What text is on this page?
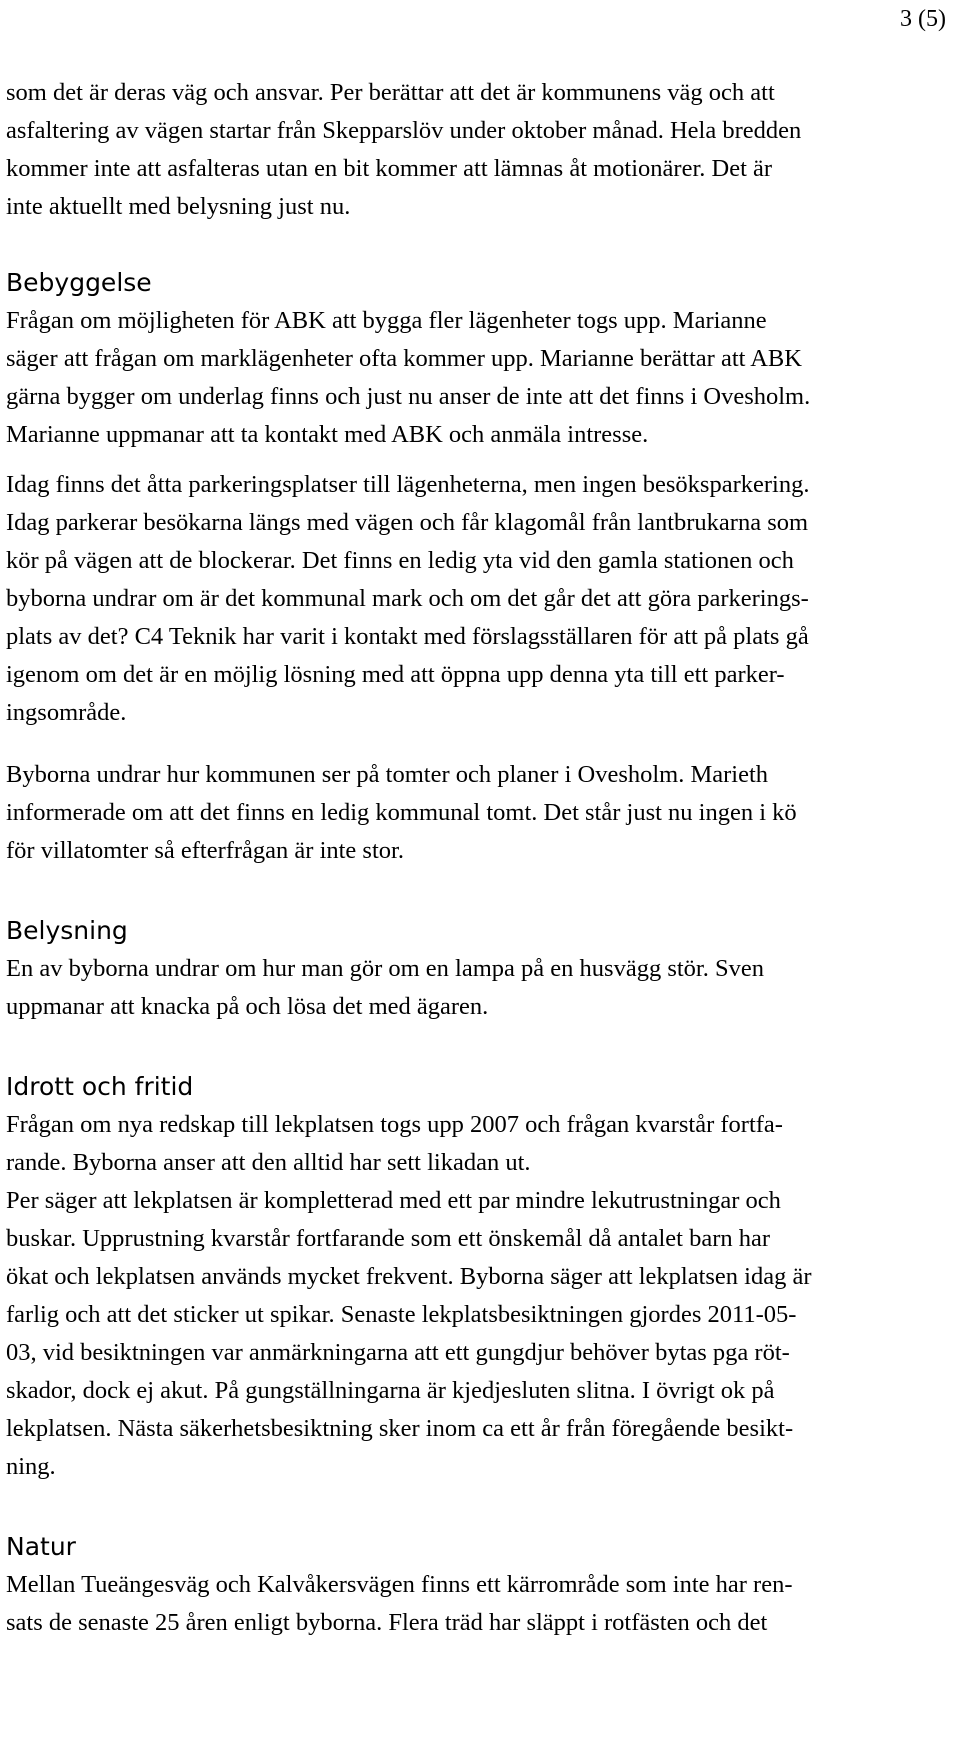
3 (5)
som det är deras väg och ansvar. Per berättar att det är kommunens väg och att
asfaltering av vägen startar från Skepparslöv under oktober månad. Hela bredden
kommer inte att asfalteras utan en bit kommer att lämnas åt motionärer. Det är
inte aktuellt med belysning just nu.
Bebyggelse
Frågan om möjligheten för ABK att bygga fler lägenheter togs upp. Marianne
säger att frågan om marklägenheter ofta kommer upp. Marianne berättar att ABK
gärna bygger om underlag finns och just nu anser de inte att det finns i Ovesholm.
Marianne uppmanar att ta kontakt med ABK och anmäla intresse.
Idag finns det åtta parkeringsplatser till lägenheterna, men ingen besöksparkering.
Idag parkerar besökarna längs med vägen och får klagomål från lantbrukarna som
kör på vägen att de blockerar. Det finns en ledig yta vid den gamla stationen och
byborna undrar om är det kommunal mark och om det går det att göra parkerings-
plats av det? C4 Teknik har varit i kontakt med förslagsställaren för att på plats gå
igenom om det är en möjlig lösning med att öppna upp denna yta till ett parker-
ingsområde.
Byborna undrar hur kommunen ser på tomter och planer i Ovesholm. Marieth
informerade om att det finns en ledig kommunal tomt. Det står just nu ingen i kö
för villatomter så efterfrågan är inte stor.
Belysning
En av byborna undrar om hur man gör om en lampa på en husvägg stör. Sven
uppmanar att knacka på och lösa det med ägaren.
Idrott och fritid
Frågan om nya redskap till lekplatsen togs upp 2007 och frågan kvarstår fortfa-
rande. Byborna anser att den alltid har sett likadan ut.
Per säger att lekplatsen är kompletterad med ett par mindre lekutrustningar och
buskar. Upprustning kvarstår fortfarande som ett önskemål då antalet barn har
ökat och lekplatsen används mycket frekvent. Byborna säger att lekplatsen idag är
farlig och att det sticker ut spikar. Senaste lekplatsbesiktningen gjordes 2011-05-
03, vid besiktningen var anmärkningarna att ett gungdjur behöver bytas pga röt-
skador, dock ej akut. På gungställningarna är kjedjesluten slitna. I övrigt ok på
lekplatsen. Nästa säkerhetsbesiktning sker inom ca ett år från föregående besikt-
ning.
Natur
Mellan Tueängesväg och Kalvåkersvägen finns ett kärrområde som inte har ren-
sats de senaste 25 åren enligt byborna. Flera träd har släppt i rotfästen och det
